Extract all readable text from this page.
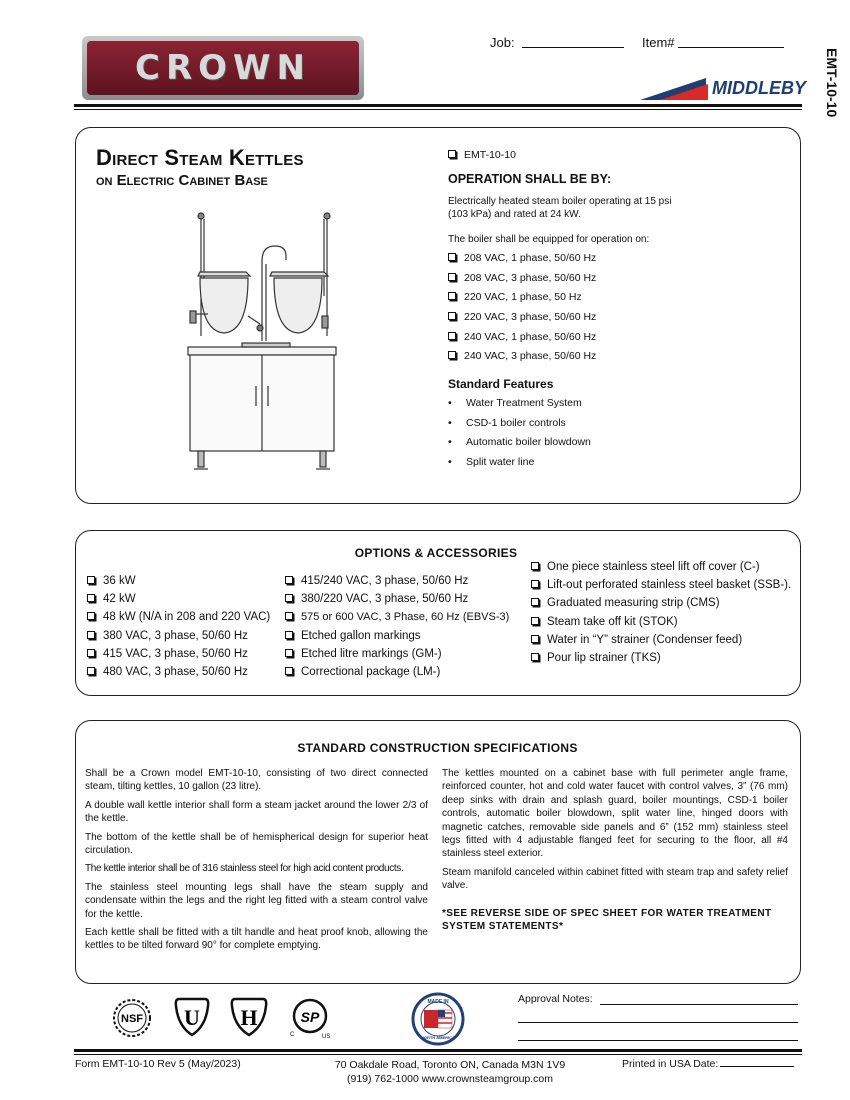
CROWN
Job:	Item#
EMT-10-10
MIDDLEBY
Direct Steam Kettles
on Electric Cabinet Base
EMT-10-10
OPERATION SHALL BE BY:
Electrically heated steam boiler operating at 15 psi (103 kPa) and rated at 24 kW.
The boiler shall be equipped for operation on:
208 VAC, 1 phase, 50/60 Hz
208 VAC, 3 phase, 50/60 Hz
220 VAC, 1 phase, 50 Hz
220 VAC, 3 phase, 50/60 Hz
240 VAC, 1 phase, 50/60 Hz
240 VAC, 3 phase, 50/60 Hz
Standard Features
• Water Treatment System
• CSD-1 boiler controls
• Automatic boiler blowdown
• Split water line
OPTIONS & ACCESSORIES
36 kW
42 kW
48 kW (N/A in 208 and 220 VAC)
380 VAC, 3 phase, 50/60 Hz
415 VAC, 3 phase, 50/60 Hz
480 VAC, 3 phase, 50/60 Hz
415/240 VAC, 3 phase, 50/60 Hz
380/220 VAC, 3 phase, 50/60 Hz
575 or 600 VAC, 3 Phase, 60 Hz (EBVS-3)
Etched gallon markings
Etched litre markings (GM-)
Correctional package (LM-)
One piece stainless steel lift off cover (C-)
Lift-out perforated stainless steel basket (SSB-).
Graduated measuring strip (CMS)
Steam take off kit (STOK)
Water in “Y” strainer (Condenser feed)
Pour lip strainer (TKS)
STANDARD CONSTRUCTION SPECIFICATIONS

Shall be a Crown model EMT-10-10, consisting of two direct connected steam, tilting kettles, 10 gallon (23 litre).

A double wall kettle interior shall form a steam jacket around the lower 2/3 of the kettle.

The bottom of the kettle shall be of hemispherical design for superior heat circulation.

The kettle interior shall be of 316 stainless steel for high acid content products.

The stainless steel mounting legs shall have the steam supply and condensate within the legs and the right leg fitted with a steam control valve for the kettle.

Each kettle shall be fitted with a tilt handle and heat proof knob, allowing the kettles to be tilted forward 90° for complete emptying.

The kettles mounted on a cabinet base with full perimeter angle frame, reinforced counter, hot and cold water faucet with control valves, 3” (76 mm) deep sinks with drain and splash guard, boiler mountings, CSD-1 boiler controls, automatic boiler blowdown, split water line, hinged doors with magnetic catches, removable side panels and 6” (152 mm) stainless steel legs fitted with 4 adjustable flanged feet for securing to the floor, all #4 stainless steel exterior.

Steam manifold canceled within cabinet fitted with steam trap and safety relief valve.

*SEE REVERSE SIDE OF SPEC SHEET FOR WATER TREATMENT SYSTEM STATEMENTS*

NSF U H	SP
C	US
MADE IN
NORTH AMERICA
Approval Notes:
Form EMT-10-10 Rev 5 (May/2023)	70 Oakdale Road, Toronto ON, Canada M3N 1V9
(919) 762-1000 www.crownsteamgroup.com
Printed in USA Date:
